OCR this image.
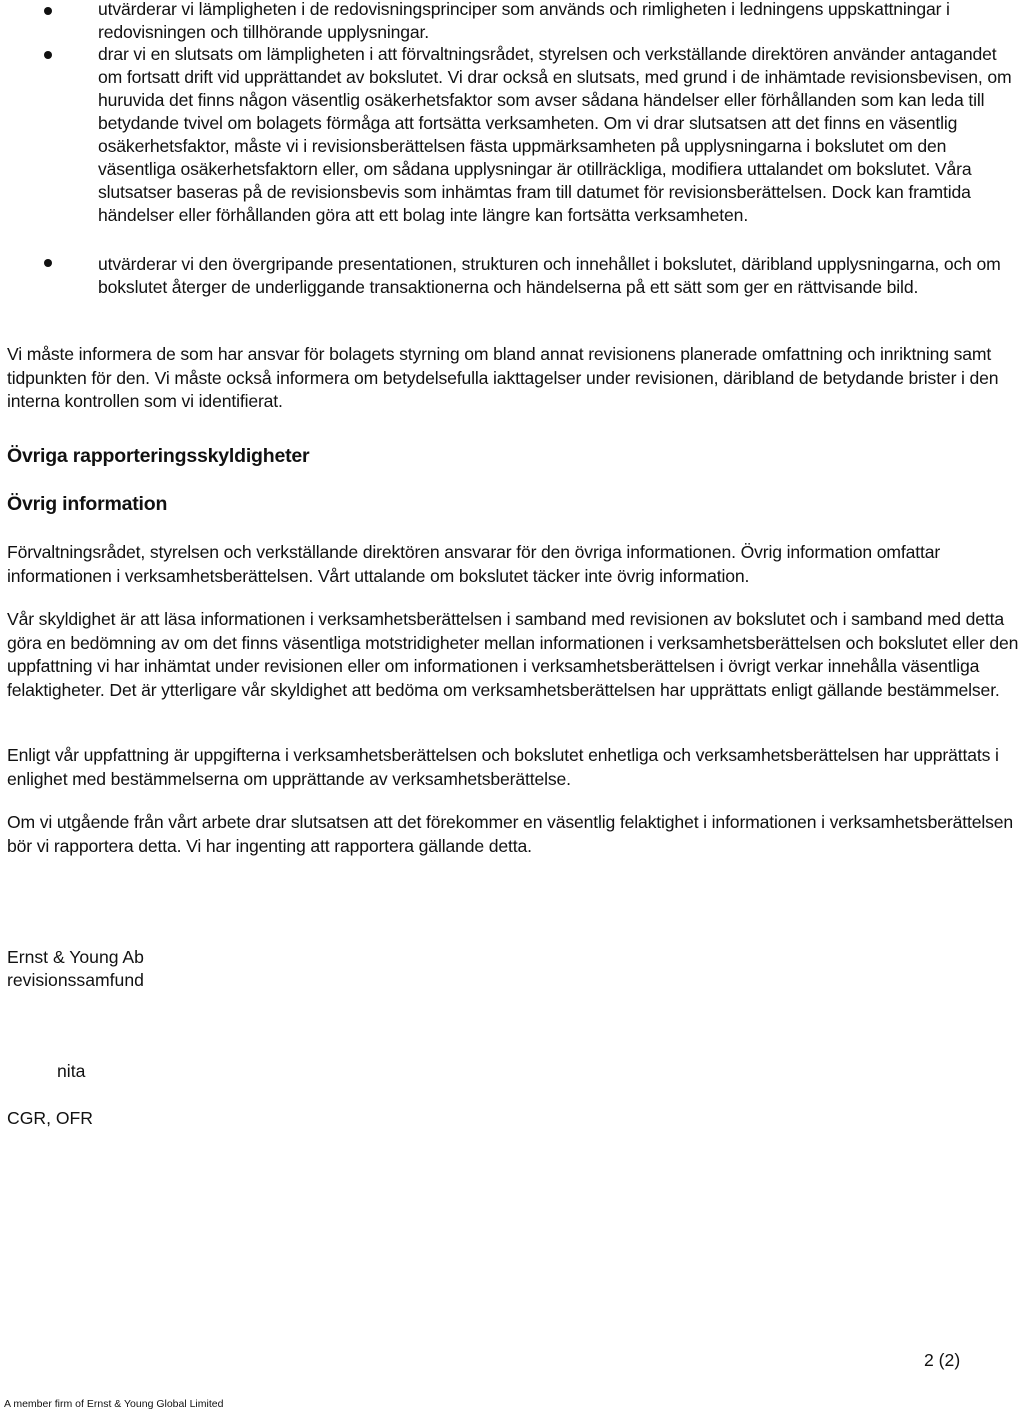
utvärderar vi lämpligheten i de redovisningsprinciper som används och rimligheten i ledningens uppskattningar i redovisningen och tillhörande upplysningar.
drar vi en slutsats om lämpligheten i att förvaltningsrådet, styrelsen och verkställande direktören använder antagandet om fortsatt drift vid upprättandet av bokslutet. Vi drar också en slutsats, med grund i de inhämtade revisionsbevisen, om huruvida det finns någon väsentlig osäkerhetsfaktor som avser sådana händelser eller förhållanden som kan leda till betydande tvivel om bolagets förmåga att fortsätta verksamheten. Om vi drar slutsatsen att det finns en väsentlig osäkerhetsfaktor, måste vi i revisionsberättelsen fästa uppmärksamheten på upplysningarna i bokslutet om den väsentliga osäkerhetsfaktorn eller, om sådana upplysningar är otillräckliga, modifiera uttalandet om bokslutet. Våra slutsatser baseras på de revisionsbevis som inhämtas fram till datumet för revisionsberättelsen. Dock kan framtida händelser eller förhållanden göra att ett bolag inte längre kan fortsätta verksamheten.
utvärderar vi den övergripande presentationen, strukturen och innehållet i bokslutet, däribland upplysningarna, och om bokslutet återger de underliggande transaktionerna och händelserna på ett sätt som ger en rättvisande bild.

Vi måste informera de som har ansvar för bolagets styrning om bland annat revisionens planerade omfattning och inriktning samt tidpunkten för den. Vi måste också informera om betydelsefulla iakttagelser under revisionen, däribland de betydande brister i den interna kontrollen som vi identifierat.

Övriga rapporteringsskyldigheter
Övrig information

Förvaltningsrådet, styrelsen och verkställande direktören ansvarar för den övriga informationen. Övrig information omfattar informationen i verksamhetsberättelsen. Vårt uttalande om bokslutet täcker inte övrig information.

Vår skyldighet är att läsa informationen i verksamhetsberättelsen i samband med revisionen av bokslutet och i samband med detta göra en bedömning av om det finns väsentliga motstridigheter mellan informationen i verksamhetsberättelsen och bokslutet eller den uppfattning vi har inhämtat under revisionen eller om informationen i verksamhetsberättelsen i övrigt verkar innehålla väsentliga felaktigheter. Det är ytterligare vår skyldighet att bedöma om verksamhetsberättelsen har upprättats enligt gällande bestämmelser.

Enligt vår uppfattning är uppgifterna i verksamhetsberättelsen och bokslutet enhetliga och verksamhetsberättelsen har upprättats i enlighet med bestämmelserna om upprättande av verksamhetsberättelse.

Om vi utgående från vårt arbete drar slutsatsen att det förekommer en väsentlig felaktighet i informationen i verksamhetsberättelsen bör vi rapportera detta. Vi har ingenting att rapportera gällande detta.

Ernst & Young Ab
revisionssamfund
nita
CGR, OFR
2 (2)
A member firm of Ernst & Young Global Limited
